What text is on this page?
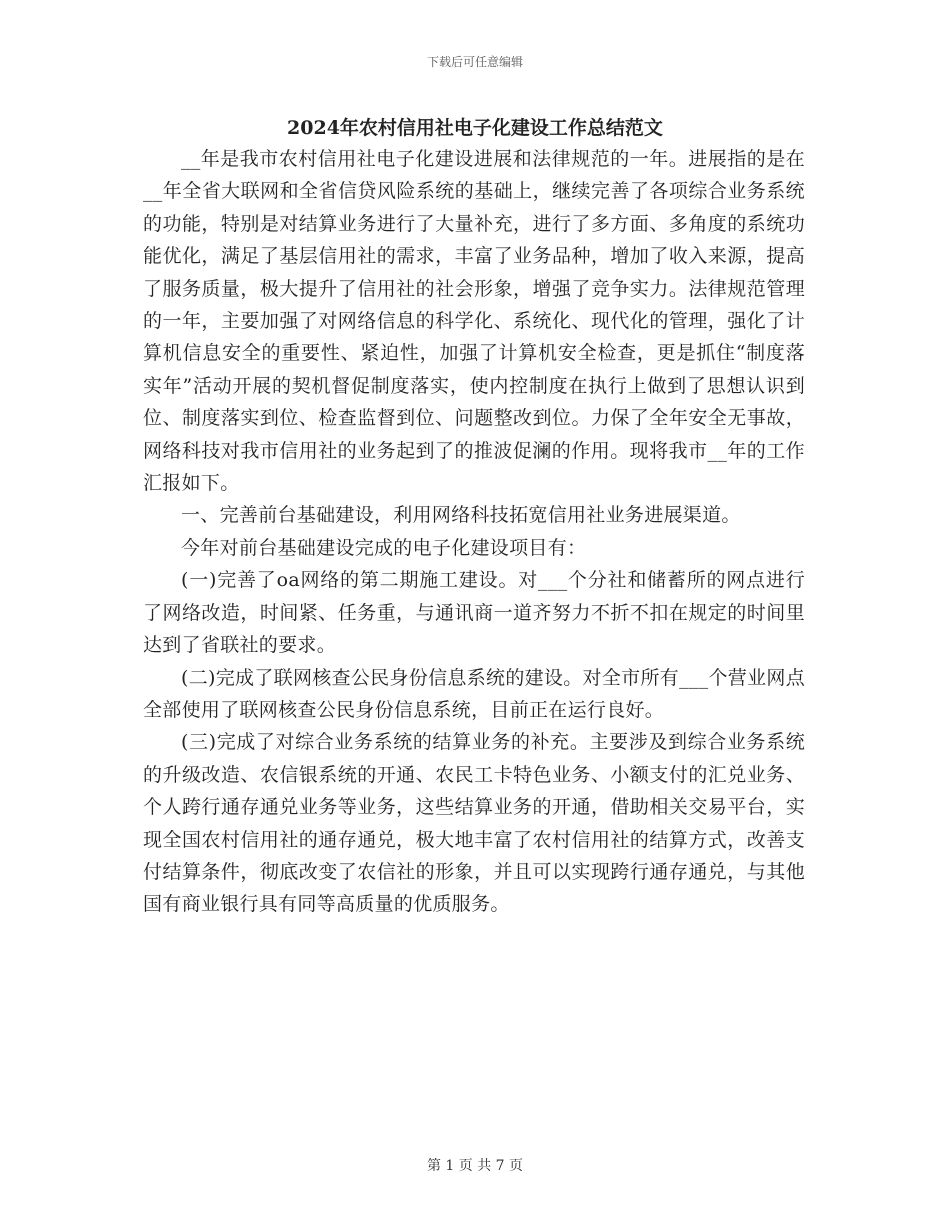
下载后可任意编辑
2024年农村信用社电子化建设工作总结范文

__年是我市农村信用社电子化建设进展和法律规范的一年。进展指的是在__年全省大联网和全省信贷风险系统的基础上，继续完善了各项综合业务系统的功能，特别是对结算业务进行了大量补充，进行了多方面、多角度的系统功能优化，满足了基层信用社的需求，丰富了业务品种，增加了收入来源，提高了服务质量，极大提升了信用社的社会形象，增强了竞争实力。法律规范管理的一年，主要加强了对网络信息的科学化、系统化、现代化的管理，强化了计算机信息安全的重要性、紧迫性，加强了计算机安全检查，更是抓住“制度落实年”活动开展的契机督促制度落实，使内控制度在执行上做到了思想认识到位、制度落实到位、检查监督到位、问题整改到位。力保了全年安全无事故，网络科技对我市信用社的业务起到了的推波促澜的作用。现将我市__年的工作汇报如下。

一、完善前台基础建设，利用网络科技拓宽信用社业务进展渠道。

今年对前台基础建设完成的电子化建设项目有：

(一)完善了oa网络的第二期施工建设。对___个分社和储蓄所的网点进行了网络改造，时间紧、任务重，与通讯商一道齐努力不折不扣在规定的时间里达到了省联社的要求。

(二)完成了联网核查公民身份信息系统的建设。对全市所有___个营业网点全部使用了联网核查公民身份信息系统，目前正在运行良好。

(三)完成了对综合业务系统的结算业务的补充。主要涉及到综合业务系统的升级改造、农信银系统的开通、农民工卡特色业务、小额支付的汇兑业务、个人跨行通存通兑业务等业务，这些结算业务的开通，借助相关交易平台，实现全国农村信用社的通存通兑，极大地丰富了农村信用社的结算方式，改善支付结算条件，彻底改变了农信社的形象，并且可以实现跨行通存通兑，与其他国有商业银行具有同等高质量的优质服务。

第 1 页 共 7 页
